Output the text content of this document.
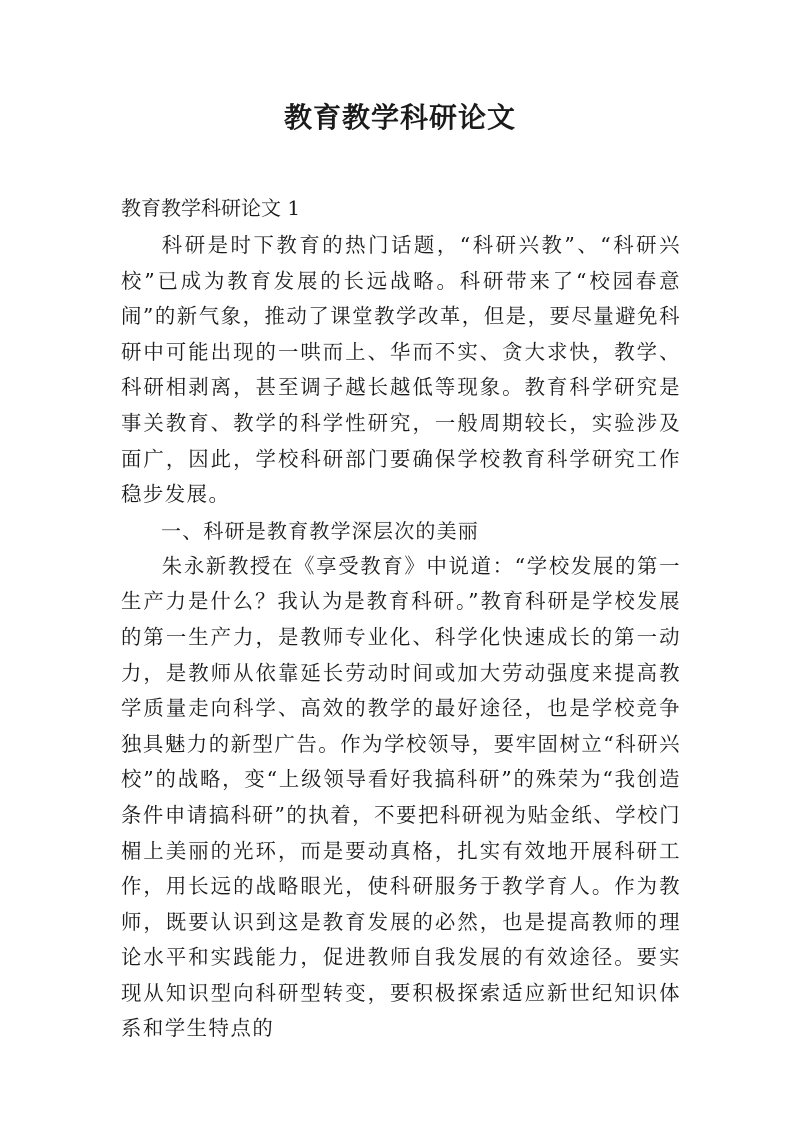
教育教学科研论文

教育教学科研论文 1

科研是时下教育的热门话题，“科研兴教”、“科研兴校”已成为教育发展的长远战略。科研带来了“校园春意闹”的新气象，推动了课堂教学改革，但是，要尽量避免科研中可能出现的一哄而上、华而不实、贪大求快，教学、科研相剥离，甚至调子越长越低等现象。教育科学研究是事关教育、教学的科学性研究，一般周期较长，实验涉及面广，因此，学校科研部门要确保学校教育科学研究工作稳步发展。

一、科研是教育教学深层次的美丽

朱永新教授在《享受教育》中说道：“学校发展的第一生产力是什么？我认为是教育科研。”教育科研是学校发展的第一生产力，是教师专业化、科学化快速成长的第一动力，是教师从依靠延长劳动时间或加大劳动强度来提高教学质量走向科学、高效的教学的最好途径，也是学校竞争独具魅力的新型广告。作为学校领导，要牢固树立“科研兴校”的战略，变“上级领导看好我搞科研”的殊荣为“我创造条件申请搞科研”的执着，不要把科研视为贴金纸、学校门楣上美丽的光环，而是要动真格，扎实有效地开展科研工作，用长远的战略眼光，使科研服务于教学育人。作为教师，既要认识到这是教育发展的必然，也是提高教师的理论水平和实践能力，促进教师自我发展的有效途径。要实现从知识型向科研型转变，要积极探索适应新世纪知识体系和学生特点的
